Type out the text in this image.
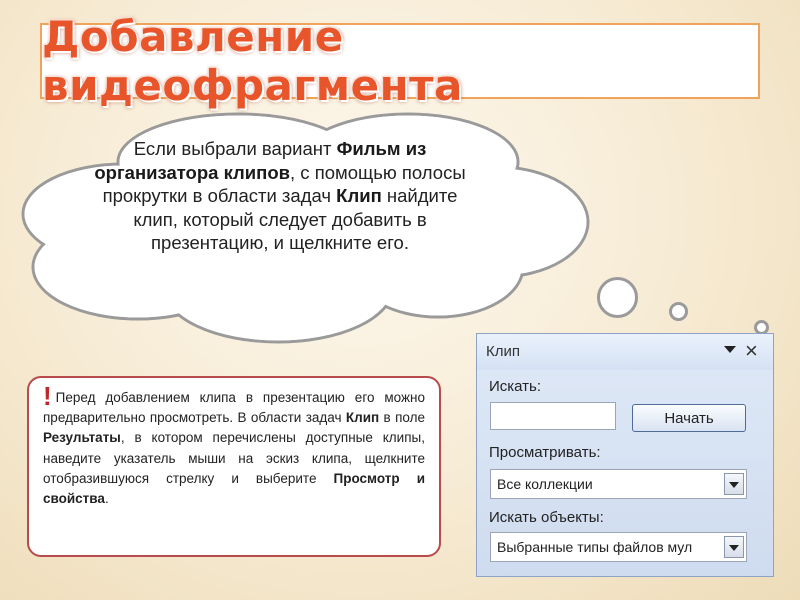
Добавление видеофрагмента
Если выбрали вариант Фильм из организатора клипов, с помощью полосы прокрутки в области задач Клип найдите клип, который следует добавить в презентацию, и щелкните его.
! Перед добавлением клипа в презентацию его можно предварительно просмотреть. В области задач Клип в поле Результаты, в котором перечислены доступные клипы, наведите указатель мыши на эскиз клипа, щелкните отобразившуюся стрелку и выберите Просмотр и свойства.
Клип	×
Искать:
Начать
Просматривать:
Все коллекции
Искать объекты:
Выбранные типы файлов мул
